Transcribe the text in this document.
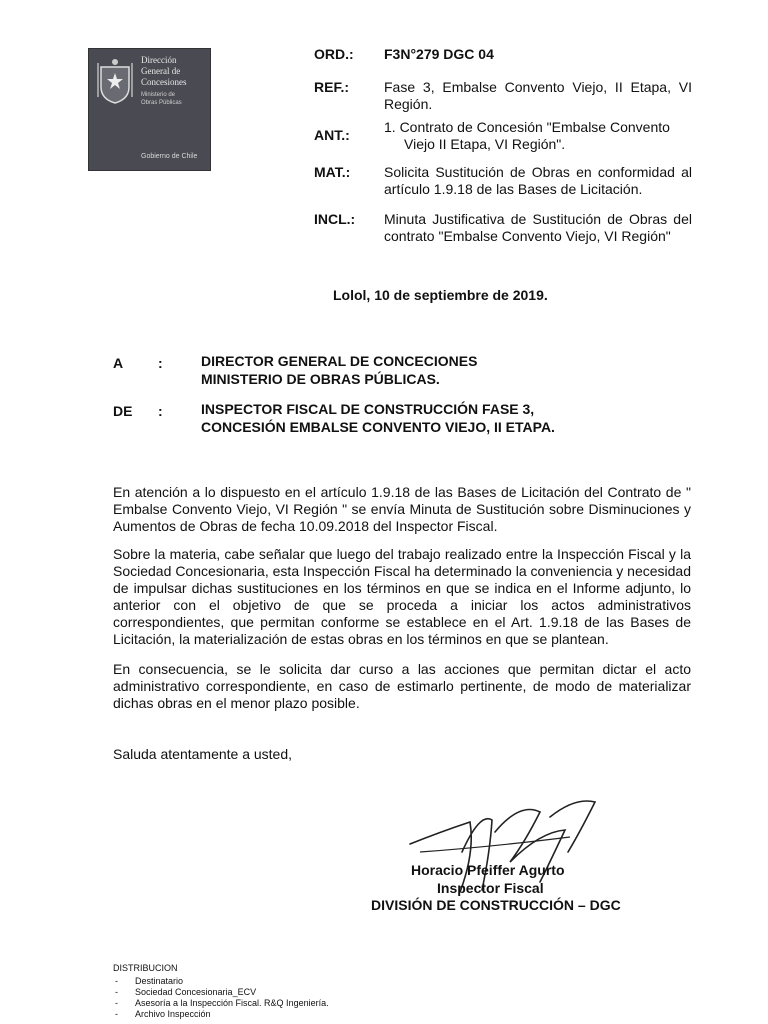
Dirección
General de
Concesiones
Ministerio de
Obras Públicas
Gobierno de Chile
ORD.: F3N°279 DGC 04
REF.:	Fase 3, Embalse Convento Viejo, II Etapa, VI Región.
ANT.: 1. Contrato de Concesión "Embalse Convento
Viejo II Etapa, VI Región".
MAT.: Solicita Sustitución de Obras en conformidad al artículo 1.9.18 de las Bases de Licitación.
INCL.: Minuta Justificativa de Sustitución de Obras del contrato "Embalse Convento Viejo, VI Región"
Lolol, 10 de septiembre de 2019.
A :	DIRECTOR GENERAL DE CONCECIONES
MINISTERIO DE OBRAS PÚBLICAS.
DE :	INSPECTOR FISCAL DE CONSTRUCCIÓN FASE 3,
CONCESIÓN EMBALSE CONVENTO VIEJO, II ETAPA.

En atención a lo dispuesto en el artículo 1.9.18 de las Bases de Licitación del Contrato de " Embalse Convento Viejo, VI Región " se envía Minuta de Sustitución sobre Disminuciones y Aumentos de Obras de fecha 10.09.2018 del Inspector Fiscal.

Sobre la materia, cabe señalar que luego del trabajo realizado entre la Inspección Fiscal y la Sociedad Concesionaria, esta Inspección Fiscal ha determinado la conveniencia y necesidad de impulsar dichas sustituciones en los términos en que se indica en el Informe adjunto, lo anterior con el objetivo de que se proceda a iniciar los actos administrativos correspondientes, que permitan conforme se establece en el Art. 1.9.18 de las Bases de Licitación, la materialización de estas obras en los términos en que se plantean.

En consecuencia, se le solicita dar curso a las acciones que permitan dictar el acto administrativo correspondiente, en caso de estimarlo pertinente, de modo de materializar dichas obras en el menor plazo posible.

Saluda atentamente a usted,
Horacio Pfeiffer Agurto
Inspector Fiscal
DIVISIÓN DE CONSTRUCCIÓN – DGC
DISTRIBUCION
- Destinatario
- Sociedad Concesionaria_ECV
- Asesoría a la Inspección Fiscal. R&Q Ingeniería.
- Archivo Inspección
